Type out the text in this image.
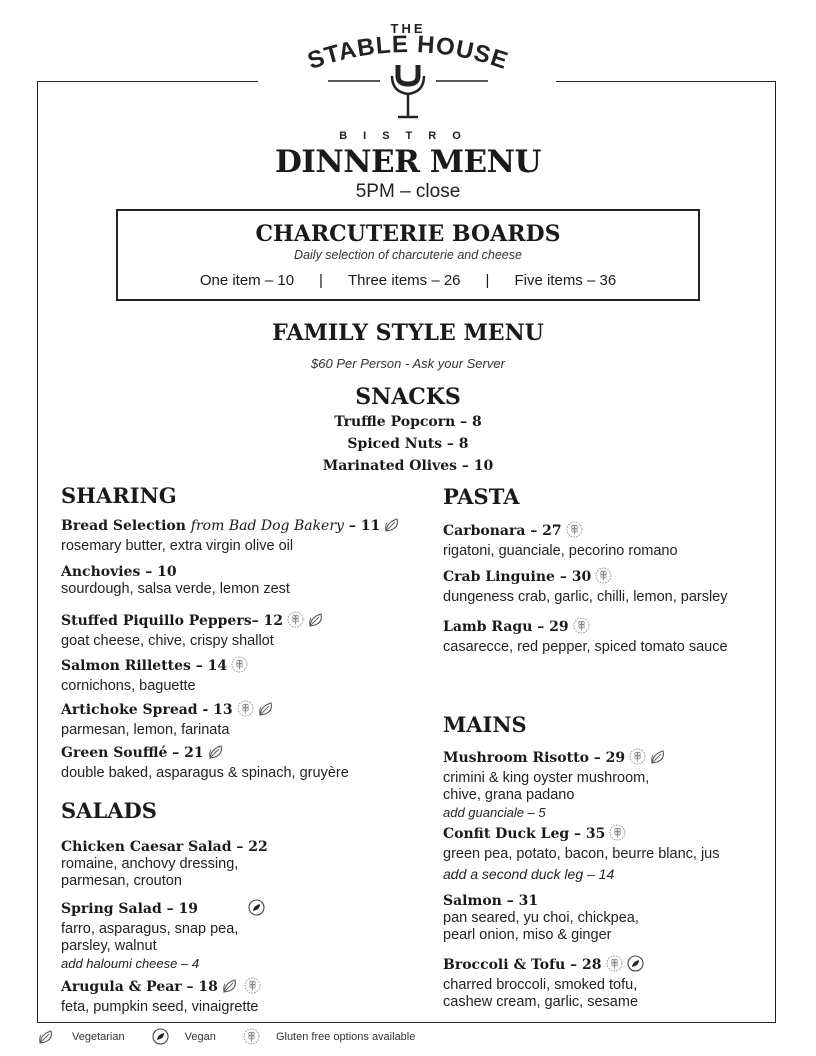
THE
STABLE HOUSE
BISTRO
DINNER MENU
5PM – close
CHARCUTERIE BOARDS
Daily selection of charcuterie and cheese
One item – 10 | Three items – 26 | Five items – 36
FAMILY STYLE MENU
$60 Per Person - Ask your Server
SNACKS
Truffle Popcorn – 8
Spiced Nuts – 8
Marinated Olives – 10
SHARING
Bread Selection from Bad Dog Bakery – 11
rosemary butter, extra virgin olive oil
Anchovies – 10
sourdough, salsa verde, lemon zest
Stuffed Piquillo Peppers– 12
goat cheese, chive, crispy shallot
Salmon Rillettes – 14
cornichons, baguette
Artichoke Spread - 13
parmesan, lemon, farinata
Green Soufflé – 21
double baked, asparagus & spinach, gruyère
SALADS
Chicken Caesar Salad – 22
romaine, anchovy dressing,
parmesan, crouton
Spring Salad – 19
farro, asparagus, snap pea,
parsley, walnut
add haloumi cheese – 4
Arugula & Pear – 18
feta, pumpkin seed, vinaigrette
PASTA
Carbonara – 27
rigatoni, guanciale, pecorino romano
Crab Linguine – 30
dungeness crab, garlic, chilli, lemon, parsley
Lamb Ragu – 29
casarecce, red pepper, spiced tomato sauce
MAINS
Mushroom Risotto – 29
crimini & king oyster mushroom,
chive, grana padano
add guanciale – 5
Confit Duck Leg – 35
green pea, potato, bacon, beurre blanc, jus
add a second duck leg – 14
Salmon – 31
pan seared, yu choi, chickpea,
pearl onion, miso & ginger
Broccoli & Tofu – 28
charred broccoli, smoked tofu,
cashew cream, garlic, sesame
Vegetarian
	Vegan
	Gluten free options available
